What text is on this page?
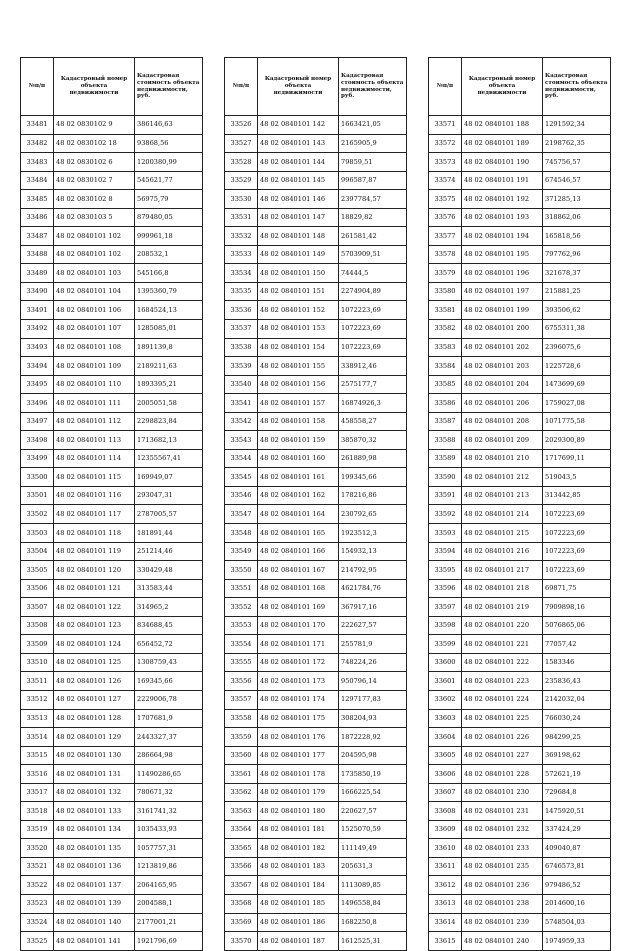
№п/п	Кадастровый номер объекта недвижимости	Кадастровая стоимость объекта недвижимости, руб.
33481	48 02 0830102 9	386146,63
33482	48 02 0830102 18	93868,56
33483	48 02 0830102 6	1200380,99
33484	48 02 0830102 7	545621,77
33485	48 02 0830102 8	56975,79
33486	48 02 0830103 5	879480,05
33487	48 02 0840101 102	999961,18
33488	48 02 0840101 102	208532,1
33489	48 02 0840101 103	545166,8
33490	48 02 0840101 104	1395360,79
33491	48 02 0840101 106	1684524,13
33492	48 02 0840101 107	1285085,01
33493	48 02 0840101 108	1891139,8
33494	48 02 0840101 109	2189211,63
33495	48 02 0840101 110	1893395,21
33496	48 02 0840101 111	2005051,58
33497	48 02 0840101 112	2298823,84
33498	48 02 0840101 113	1713682,13
33499	48 02 0840101 114	12355567,41
33500	48 02 0840101 115	169949,07
33501	48 02 0840101 116	293047,31
33502	48 02 0840101 117	2787005,57
33503	48 02 0840101 118	181891,44
33504	48 02 0840101 119	251214,46
33505	48 02 0840101 120	330429,48
33506	48 02 0840101 121	313583,44
33507	48 02 0840101 122	314965,2
33508	48 02 0840101 123	834688,45
33509	48 02 0840101 124	656452,72
33510	48 02 0840101 125	1308759,43
33511	48 02 0840101 126	169345,66
33512	48 02 0840101 127	2229006,78
33513	48 02 0840101 128	1707681,9
33514	48 02 0840101 129	2443327,37
33515	48 02 0840101 130	286664,98
33516	48 02 0840101 131	11490286,65
33517	48 02 0840101 132	780671,32
33518	48 02 0840101 133	3161741,32
33519	48 02 0840101 134	1035433,93
33520	48 02 0840101 135	1057757,31
33521	48 02 0840101 136	1213819,86
33522	48 02 0840101 137	2064165,95
33523	48 02 0840101 139	2004588,1
33524	48 02 0840101 140	2177001,21
33525	48 02 0840101 141	1921796,69
№п/п	Кадастровый номер объекта недвижимости	Кадастровая стоимость объекта недвижимости, руб.
33526	48 02 0840101 142	1663421,05
33527	48 02 0840101 143	2165905,9
33528	48 02 0840101 144	79859,51
33529	48 02 0840101 145	996587,87
33530	48 02 0840101 146	2397784,57
33531	48 02 0840101 147	18829,82
33532	48 02 0840101 148	261581,42
33533	48 02 0840101 149	5703909,51
33534	48 02 0840101 150	74444,5
33535	48 02 0840101 151	2274904,89
33536	48 02 0840101 152	1072223,69
33537	48 02 0840101 153	1072223,69
33538	48 02 0840101 154	1072223,69
33539	48 02 0840101 155	338912,46
33540	48 02 0840101 156	2575177,7
33541	48 02 0840101 157	16874926,3
33542	48 02 0840101 158	458558,27
33543	48 02 0840101 159	385870,32
33544	48 02 0840101 160	261889,98
33545	48 02 0840101 161	199345,66
33546	48 02 0840101 162	178216,86
33547	48 02 0840101 164	230792,65
33548	48 02 0840101 165	1923512,3
33549	48 02 0840101 166	154932,13
33550	48 02 0840101 167	214792,95
33551	48 02 0840101 168	4621784,76
33552	48 02 0840101 169	367917,16
33553	48 02 0840101 170	222627,57
33554	48 02 0840101 171	255781,9
33555	48 02 0840101 172	748224,26
33556	48 02 0840101 173	950796,14
33557	48 02 0840101 174	1297177,83
33558	48 02 0840101 175	308204,93
33559	48 02 0840101 176	1872228,92
33560	48 02 0840101 177	204595,98
33561	48 02 0840101 178	1735850,19
33562	48 02 0840101 179	1666225,54
33563	48 02 0840101 180	220627,57
33564	48 02 0840101 181	1525070,59
33565	48 02 0840101 182	111149,49
33566	48 02 0840101 183	205631,3
33567	48 02 0840101 184	1113089,85
33568	48 02 0840101 185	1496558,84
33569	48 02 0840101 186	1682250,8
33570	48 02 0840101 187	1612525,31
№п/п	Кадастровый номер объекта недвижимости	Кадастровая стоимость объекта недвижимости, руб.
33571	48 02 0840101 188	1291592,34
33572	48 02 0840101 189	2198762,35
33573	48 02 0840101 190	745756,57
33574	48 02 0840101 191	674546,57
33575	48 02 0840101 192	371285,13
33576	48 02 0840101 193	318862,06
33577	48 02 0840101 194	165818,56
33578	48 02 0840101 195	797762,96
33579	48 02 0840101 196	321678,37
33580	48 02 0840101 197	215881,25
33581	48 02 0840101 199	393506,62
33582	48 02 0840101 200	6755311,38
33583	48 02 0840101 202	2396075,6
33584	48 02 0840101 203	1225728,6
33585	48 02 0840101 204	1473699,69
33586	48 02 0840101 206	1759027,08
33587	48 02 0840101 208	1071775,58
33588	48 02 0840101 209	2029300,89
33589	48 02 0840101 210	1717699,11
33590	48 02 0840101 212	519043,5
33591	48 02 0840101 213	313442,85
33592	48 02 0840101 214	1072223,69
33593	48 02 0840101 215	1072223,69
33594	48 02 0840101 216	1072223,69
33595	48 02 0840101 217	1072223,69
33596	48 02 0840101 218	69871,75
33597	48 02 0840101 219	7909898,16
33598	48 02 0840101 220	5076865,06
33599	48 02 0840101 221	77057,42
33600	48 02 0840101 222	1583346
33601	48 02 0840101 223	235836,43
33602	48 02 0840101 224	2142032,04
33603	48 02 0840101 225	766030,24
33604	48 02 0840101 226	984299,25
33605	48 02 0840101 227	369198,62
33606	48 02 0840101 228	572621,19
33607	48 02 0840101 230	729684,8
33608	48 02 0840101 231	1475920,51
33609	48 02 0840101 232	337424,29
33610	48 02 0840101 233	409040,87
33611	48 02 0840101 235	6746573,81
33612	48 02 0840101 236	979486,52
33613	48 02 0840101 238	2014600,16
33614	48 02 0840101 239	5748504,03
33615	48 02 0840101 240	1974959,33
